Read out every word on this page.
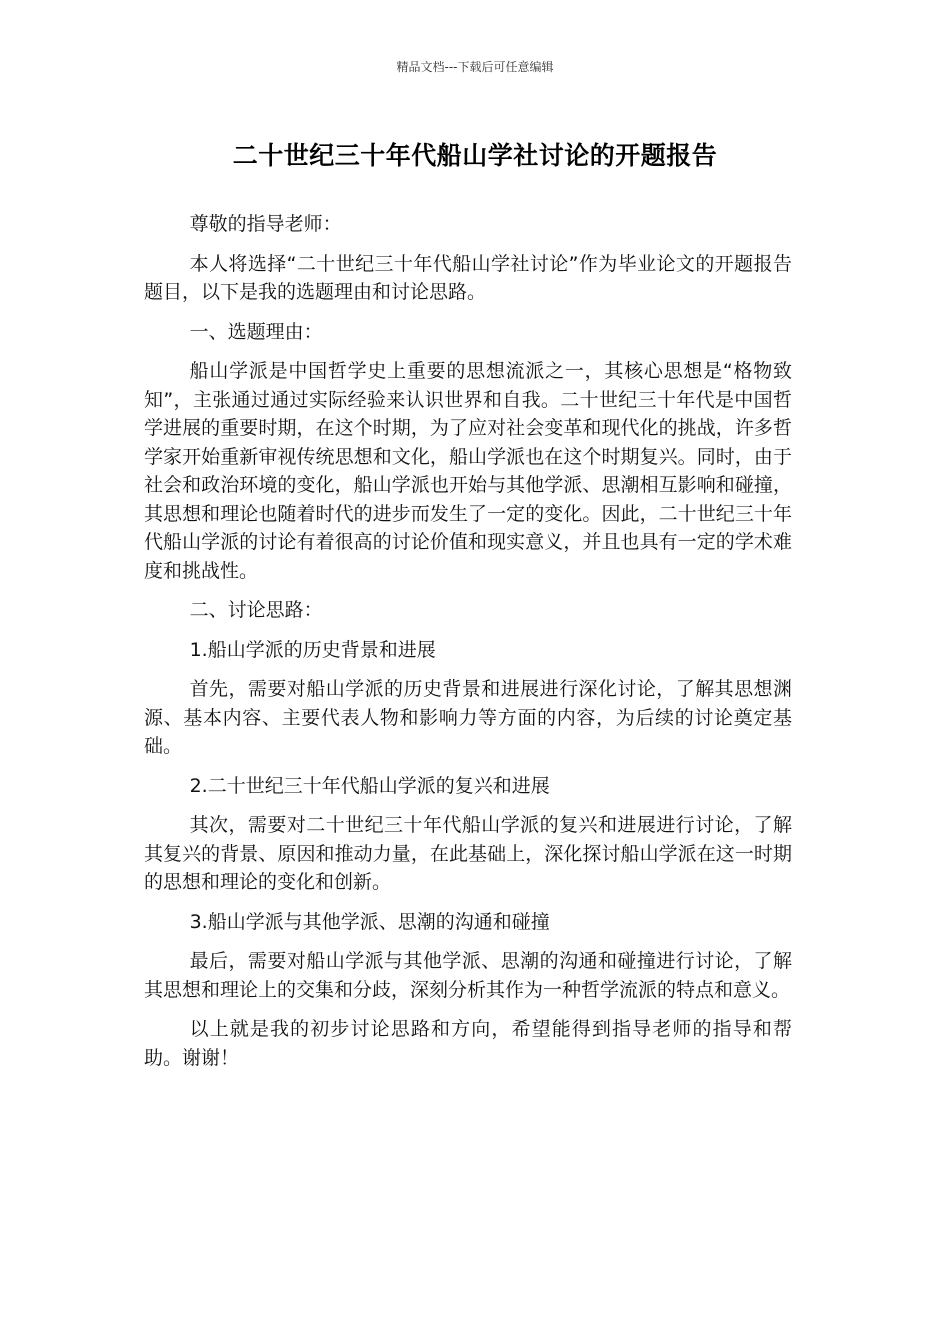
精品文档---下载后可任意编辑
二十世纪三十年代船山学社讨论的开题报告

尊敬的指导老师：

本人将选择“二十世纪三十年代船山学社讨论”作为毕业论文的开题报告题目，以下是我的选题理由和讨论思路。

一、选题理由：

船山学派是中国哲学史上重要的思想流派之一，其核心思想是“格物致知”，主张通过通过实际经验来认识世界和自我。二十世纪三十年代是中国哲学进展的重要时期，在这个时期，为了应对社会变革和现代化的挑战，许多哲学家开始重新审视传统思想和文化，船山学派也在这个时期复兴。同时，由于社会和政治环境的变化，船山学派也开始与其他学派、思潮相互影响和碰撞，其思想和理论也随着时代的进步而发生了一定的变化。因此，二十世纪三十年代船山学派的讨论有着很高的讨论价值和现实意义，并且也具有一定的学术难度和挑战性。

二、讨论思路：

1.船山学派的历史背景和进展

首先，需要对船山学派的历史背景和进展进行深化讨论，了解其思想渊源、基本内容、主要代表人物和影响力等方面的内容，为后续的讨论奠定基础。

2.二十世纪三十年代船山学派的复兴和进展

其次，需要对二十世纪三十年代船山学派的复兴和进展进行讨论，了解其复兴的背景、原因和推动力量，在此基础上，深化探讨船山学派在这一时期的思想和理论的变化和创新。

3.船山学派与其他学派、思潮的沟通和碰撞

最后，需要对船山学派与其他学派、思潮的沟通和碰撞进行讨论，了解其思想和理论上的交集和分歧，深刻分析其作为一种哲学流派的特点和意义。

以上就是我的初步讨论思路和方向，希望能得到指导老师的指导和帮助。谢谢！
